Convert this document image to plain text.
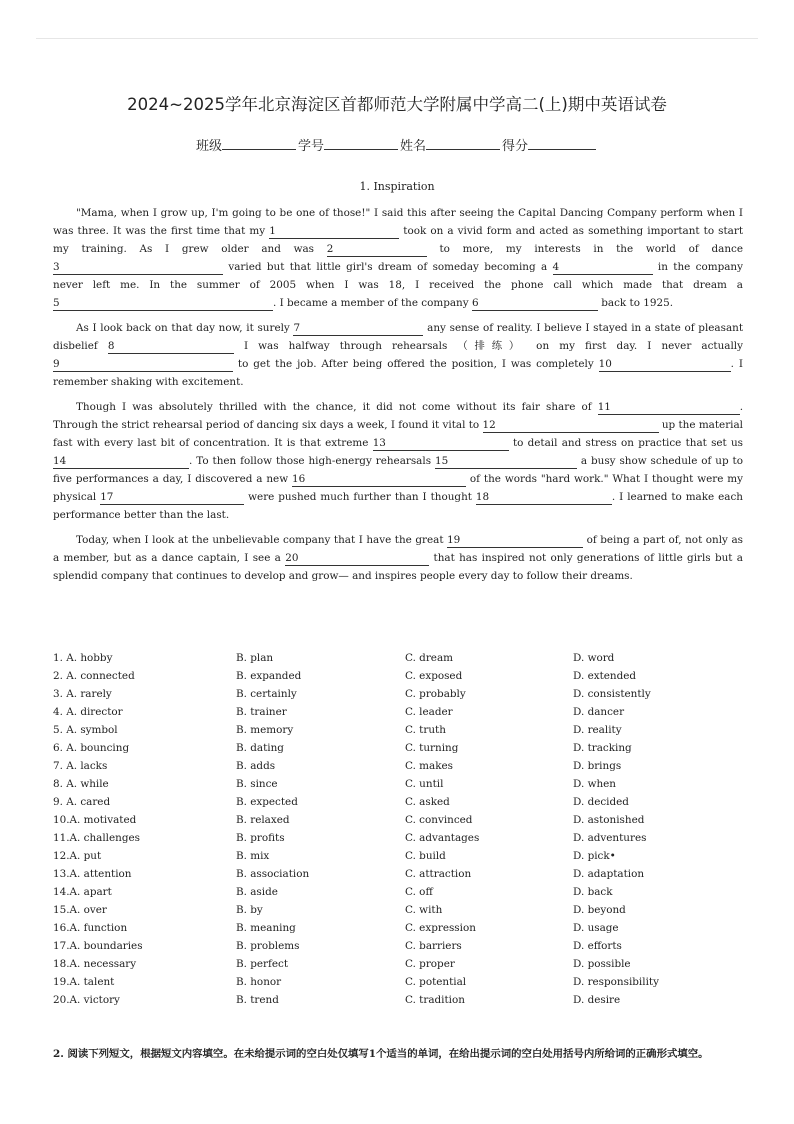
2024~2025学年北京海淀区首都师范大学附属中学高二(上)期中英语试卷
班级	学号	姓名	得分
1. Inspiration

"Mama, when I grow up, I'm going to be one of those!" I said this after seeing the Capital Dancing Company perform when I was three. It was the first time that my 1	took on a vivid form and acted as something important to start my training. As I grew older and was 2	to more, my interests in the world of dance 3	varied but that little girl's dream of someday becoming a 4	in the company never left me. In the summer of 2005 when I was 18, I received the phone call which made that dream a 5	. I became a member of the company 6	back to 1925.

As I look back on that day now, it surely 7	any sense of reality. I believe I stayed in a state of pleasant disbelief 8	I was halfway through rehearsals （排练） on my first day. I never actually 9	to get the job. After being offered the position, I was completely 10	. I remember shaking with excitement.

Though I was absolutely thrilled with the chance, it did not come without its fair share of 11	. Through the strict rehearsal period of dancing six days a week, I found it vital to 12	up the material fast with every last bit of concentration. It is that extreme 13	to detail and stress on practice that set us 14	. To then follow those high-energy rehearsals 15	a busy show schedule of up to five performances a day, I discovered a new 16	of the words "hard work." What I thought were my physical 17	were pushed much further than I thought 18	. I learned to make each performance better than the last.

Today, when I look at the unbelievable company that I have the great 19	of being a part of, not only as a member, but as a dance captain, I see a 20	that has inspired not only generations of little girls but a splendid company that continues to develop and grow— and inspires people every day to follow their dreams.

1. A. hobby	B. plan	C. dream	D. word
2. A. connected	B. expanded	C. exposed	D. extended
3. A. rarely	B. certainly	C. probably	D. consistently
4. A. director	B. trainer	C. leader	D. dancer
5. A. symbol	B. memory	C. truth	D. reality
6. A. bouncing	B. dating	C. turning	D. tracking
7. A. lacks	B. adds	C. makes	D. brings
8. A. while	B. since	C. until	D. when
9. A. cared	B. expected	C. asked	D. decided
10.A. motivated	B. relaxed	C. convinced	D. astonished
11.A. challenges	B. profits	C. advantages	D. adventures
12.A. put	B. mix	C. build	D. pick•
13.A. attention	B. association	C. attraction	D. adaptation
14.A. apart	B. aside	C. off	D. back
15.A. over	B. by	C. with	D. beyond
16.A. function	B. meaning	C. expression	D. usage
17.A. boundaries	B. problems	C. barriers	D. efforts
18.A. necessary	B. perfect	C. proper	D. possible
19.A. talent	B. honor	C. potential	D. responsibility
20.A. victory	B. trend	C. tradition	D. desire
2. 阅读下列短文，根据短文内容填空。在未给提示词的空白处仅填写1个适当的单词，在给出提示词的空白处用括号内所给词的正确形式填空。
